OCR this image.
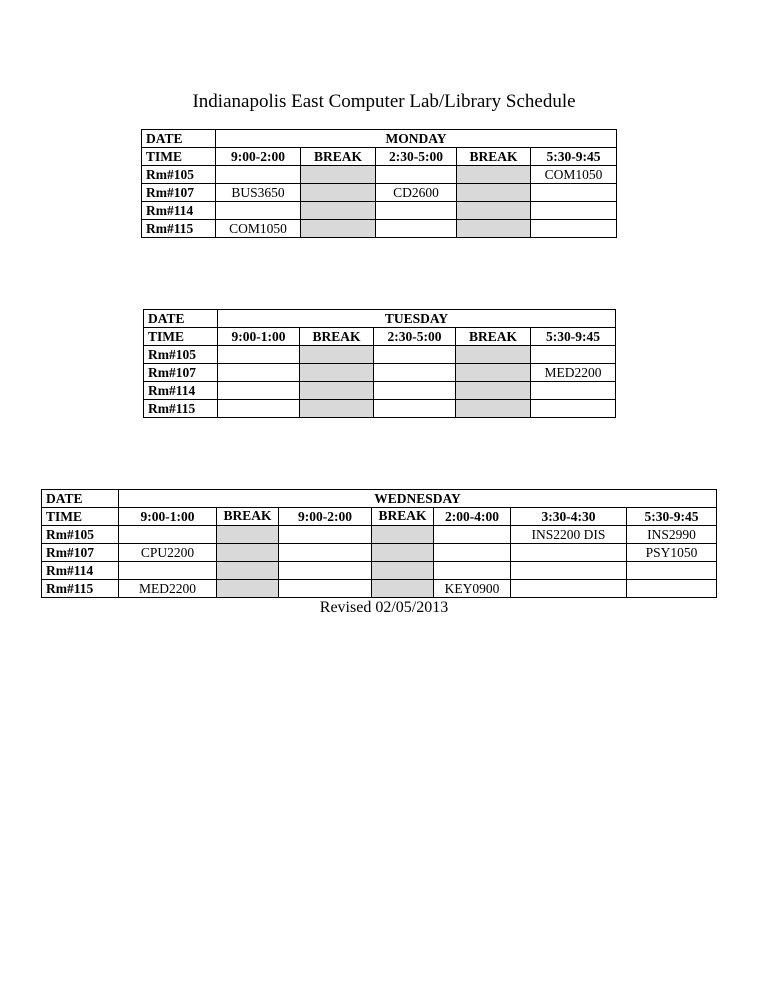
Indianapolis East Computer Lab/Library Schedule
DATE	MONDAY				
TIME	9:00-2:00	BREAK	2:30-5:00	BREAK	5:30-9:45
Rm#105					COM1050
Rm#107	BUS3650		CD2600		
Rm#114					
Rm#115	COM1050				
DATE	TUESDAY				
TIME	9:00-1:00	BREAK	2:30-5:00	BREAK	5:30-9:45
Rm#105					
Rm#107					MED2200
Rm#114					
Rm#115					
DATE	WEDNESDAY						
TIME	9:00-1:00	BREAK	9:00-2:00	BREAK	2:00-4:00	3:30-4:30	5:30-9:45
Rm#105						INS2200 DIS	INS2990
Rm#107	CPU2200						PSY1050
Rm#114							
Rm#115	MED2200				KEY0900		
Revised 02/05/2013
